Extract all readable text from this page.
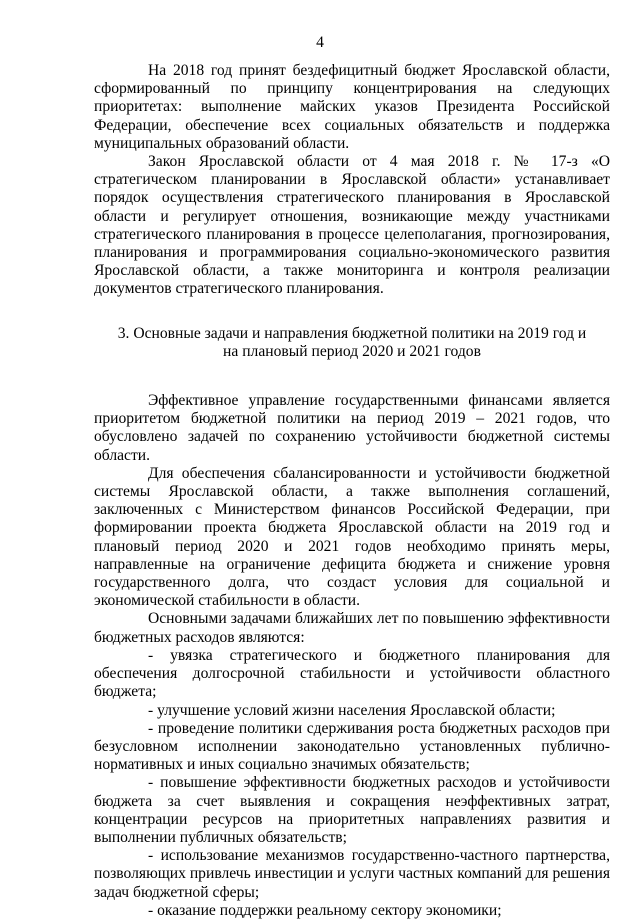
4

На 2018 год принят бездефицитный бюджет Ярославской области, сформированный по принципу концентрирования на следующих приоритетах: выполнение майских указов Президента Российской Федерации, обеспечение всех социальных обязательств и поддержка муниципальных образований области.

Закон Ярославской области от 4 мая 2018 г. № 17-з «О стратегическом планировании в Ярославской области» устанавливает порядок осуществления стратегического планирования в Ярославской области и регулирует отношения, возникающие между участниками стратегического планирования в процессе целеполагания, прогнозирования, планирования и программирования социально-экономического развития Ярославской области, а также мониторинга и контроля реализации документов стратегического планирования.

3. Основные задачи и направления бюджетной политики на 2019 год и
на плановый период 2020 и 2021 годов

Эффективное управление государственными финансами является приоритетом бюджетной политики на период 2019 – 2021 годов, что обусловлено задачей по сохранению устойчивости бюджетной системы области.

Для обеспечения сбалансированности и устойчивости бюджетной системы Ярославской области, а также выполнения соглашений, заключенных с Министерством финансов Российской Федерации, при формировании проекта бюджета Ярославской области на 2019 год и плановый период 2020 и 2021 годов необходимо принять меры, направленные на ограничение дефицита бюджета и снижение уровня государственного долга, что создаст условия для социальной и экономической стабильности в области.

Основными задачами ближайших лет по повышению эффективности бюджетных расходов являются:

- увязка стратегического и бюджетного планирования для обеспечения долгосрочной стабильности и устойчивости областного бюджета;

- улучшение условий жизни населения Ярославской области;

- проведение политики сдерживания роста бюджетных расходов при безусловном исполнении законодательно установленных публично-нормативных и иных социально значимых обязательств;

- повышение эффективности бюджетных расходов и устойчивости бюджета за счет выявления и сокращения неэффективных затрат, концентрации ресурсов на приоритетных направлениях развития и выполнении публичных обязательств;

- использование механизмов государственно-частного партнерства, позволяющих привлечь инвестиции и услуги частных компаний для решения задач бюджетной сферы;

- оказание поддержки реальному сектору экономики;
